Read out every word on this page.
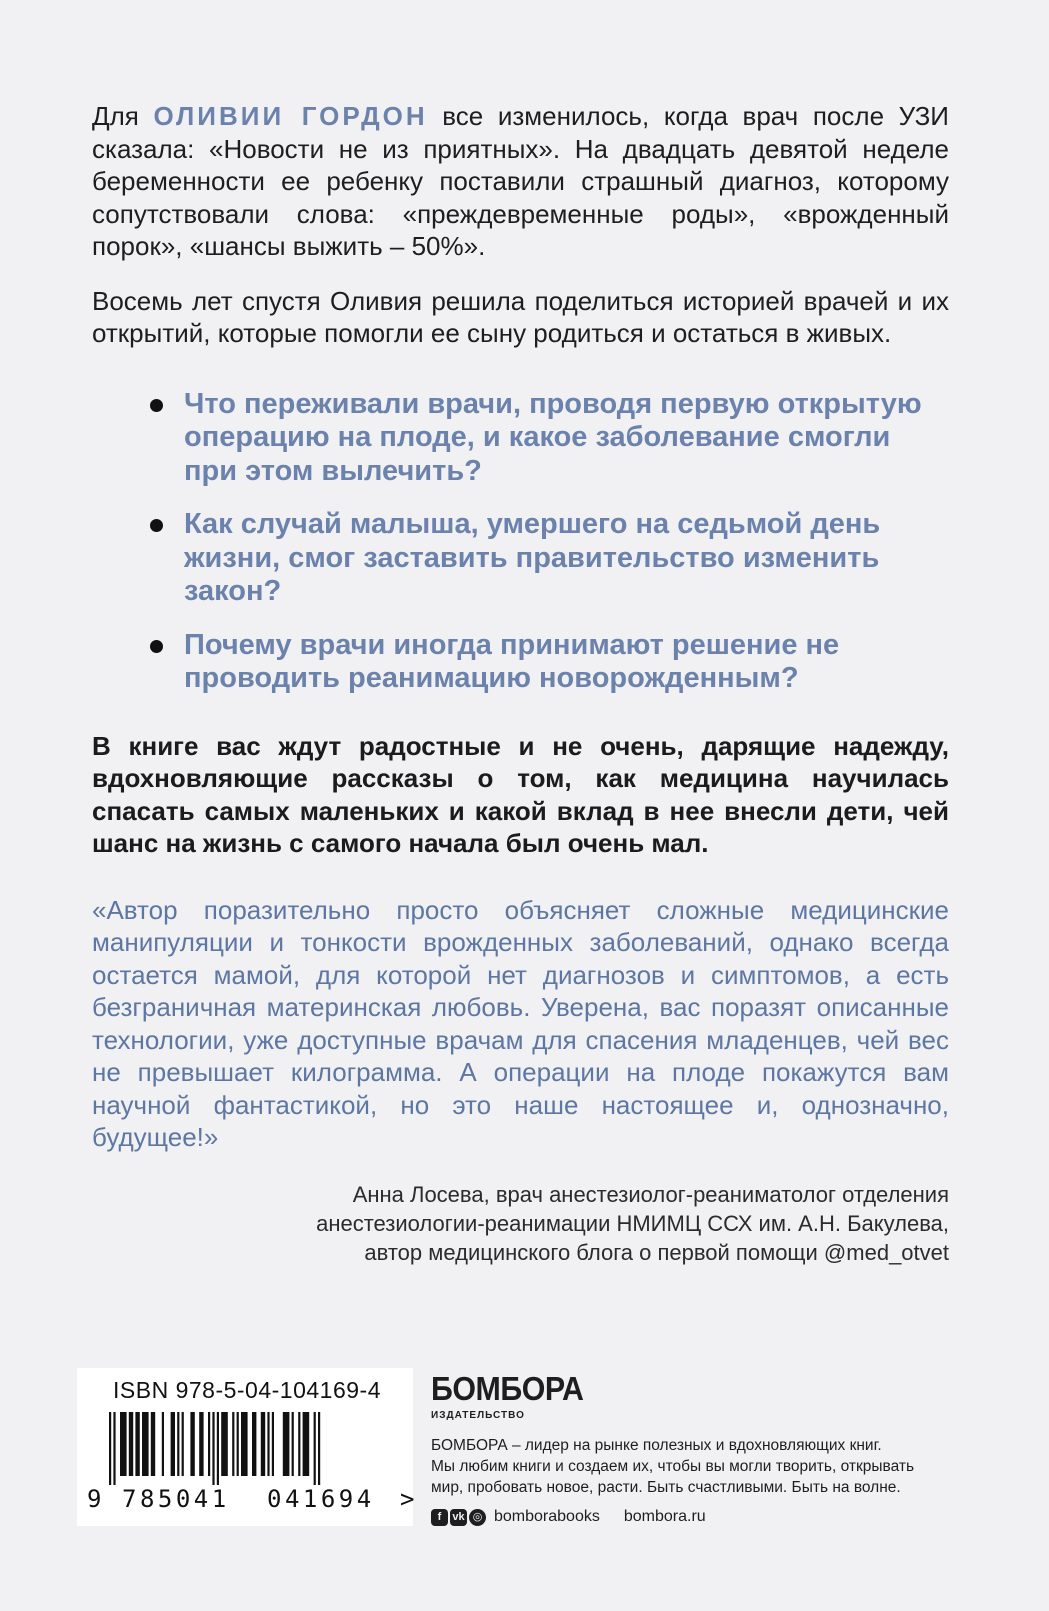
Для ОЛИВИИ ГОРДОН все изменилось, когда врач после УЗИ сказала: «Новости не из приятных». На двадцать девятой неделе беременности ее ребенку поставили страшный диагноз, которому сопутствовали слова: «преждевременные роды», «врожденный порок», «шансы выжить – 50%».

Восемь лет спустя Оливия решила поделиться историей врачей и их открытий, которые помогли ее сыну родиться и остаться в живых.

Что переживали врачи, проводя первую открытую операцию на плоде, и какое заболевание смогли при этом вылечить?
Как случай малыша, умершего на седьмой день жизни, смог заставить правительство изменить закон?
Почему врачи иногда принимают решение не проводить реанимацию новорожденным?

В книге вас ждут радостные и не очень, дарящие надежду, вдохновляющие рассказы о том, как медицина научилась спасать самых маленьких и какой вклад в нее внесли дети, чей шанс на жизнь с самого начала был очень мал.

«Автор поразительно просто объясняет сложные медицинские манипуляции и тонкости врожденных заболеваний, однако всегда остается мамой, для которой нет диагнозов и симптомов, а есть безграничная материнская любовь. Уверена, вас поразят описанные технологии, уже доступные врачам для спасения младенцев, чей вес не превышает килограмма. А операции на плоде покажутся вам научной фантастикой, но это наше настоящее и, однозначно, будущее!»

Анна Лосева, врач анестезиолог-реаниматолог отделения
анестезиологии-реанимации НМИМЦ ССХ им. А.Н. Бакулева,
автор медицинского блога о первой помощи @med_otvet
ISBN 978-5-04-104169-4
9 785041 041694 >
БОМБОРА
ИЗДАТЕЛЬСТВО
БОМБОРА – лидер на рынке полезных и вдохновляющих книг.
Мы любим книги и создаем их, чтобы вы могли творить, открывать
мир, пробовать новое, расти. Быть счастливыми. Быть на волне.
f	vk ◎ bomborabooks bombora.ru
